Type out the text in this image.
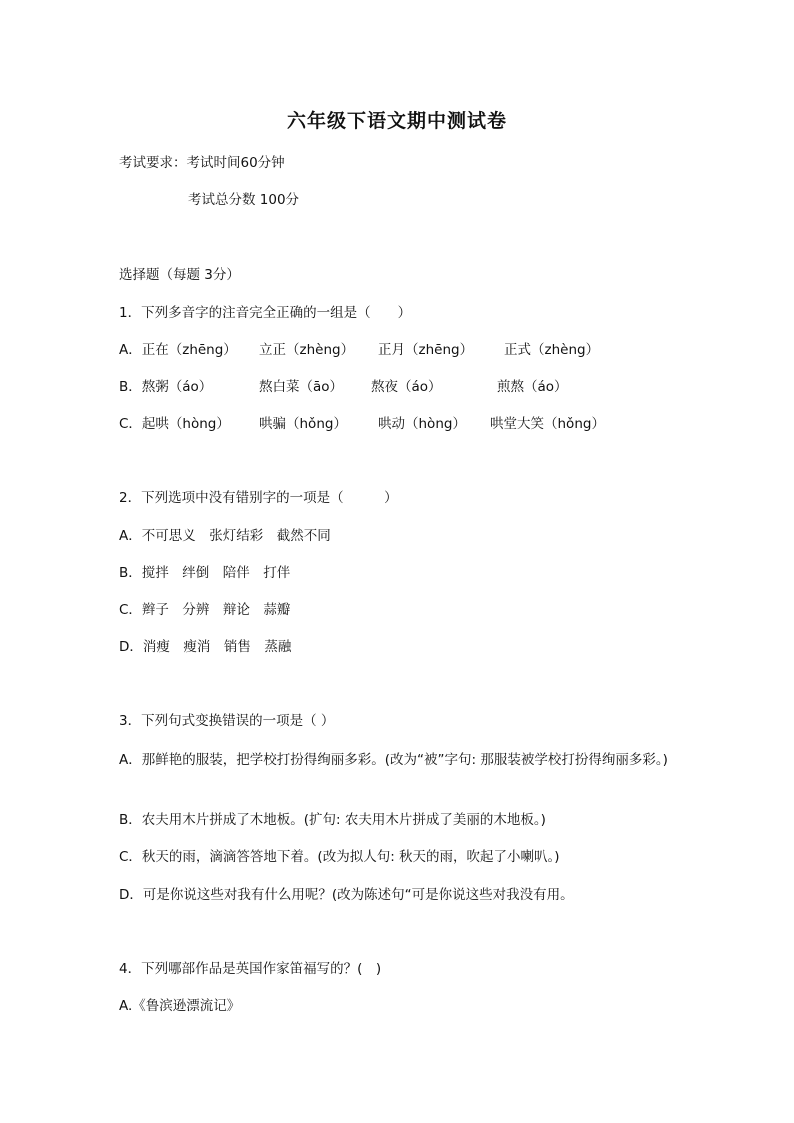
六年级下语文期中测试卷
考试要求：考试时间60分钟
考试总分数 100分
选择题（每题 3分）
1．下列多音字的注音完全正确的一组是（　　）
A．正在（zhēng） 立正（zhèng） 正月（zhēng） 正式（zhèng）
B．熬粥（áo）	熬白菜（āo） 熬夜（áo）	煎熬（áo）
C．起哄（hòng） 哄骗（hǒng） 哄动（hòng） 哄堂大笑（hǒng）
2．下列选项中没有错别字的一项是（　　　）
A．不可思义　张灯结彩　截然不同
B．搅拌　绊倒　陪伴　打伴
C．辫子　分辨　辩论　蒜瓣
D．消瘦　瘦消　销售　蒸融
3．下列句式变换错误的一项是（ ）
A．那鲜艳的服装，把学校打扮得绚丽多彩。(改为“被”字句: 那服装被学校打扮得绚丽多彩。)
B．农夫用木片拼成了木地板。(扩句: 农夫用木片拼成了美丽的木地板。)
C．秋天的雨，滴滴答答地下着。(改为拟人句: 秋天的雨，吹起了小喇叭。)
D．可是你说这些对我有什么用呢？(改为陈述句“可是你说这些对我没有用。
4．下列哪部作品是英国作家笛福写的？(　)
A.《鲁滨逊漂流记》
